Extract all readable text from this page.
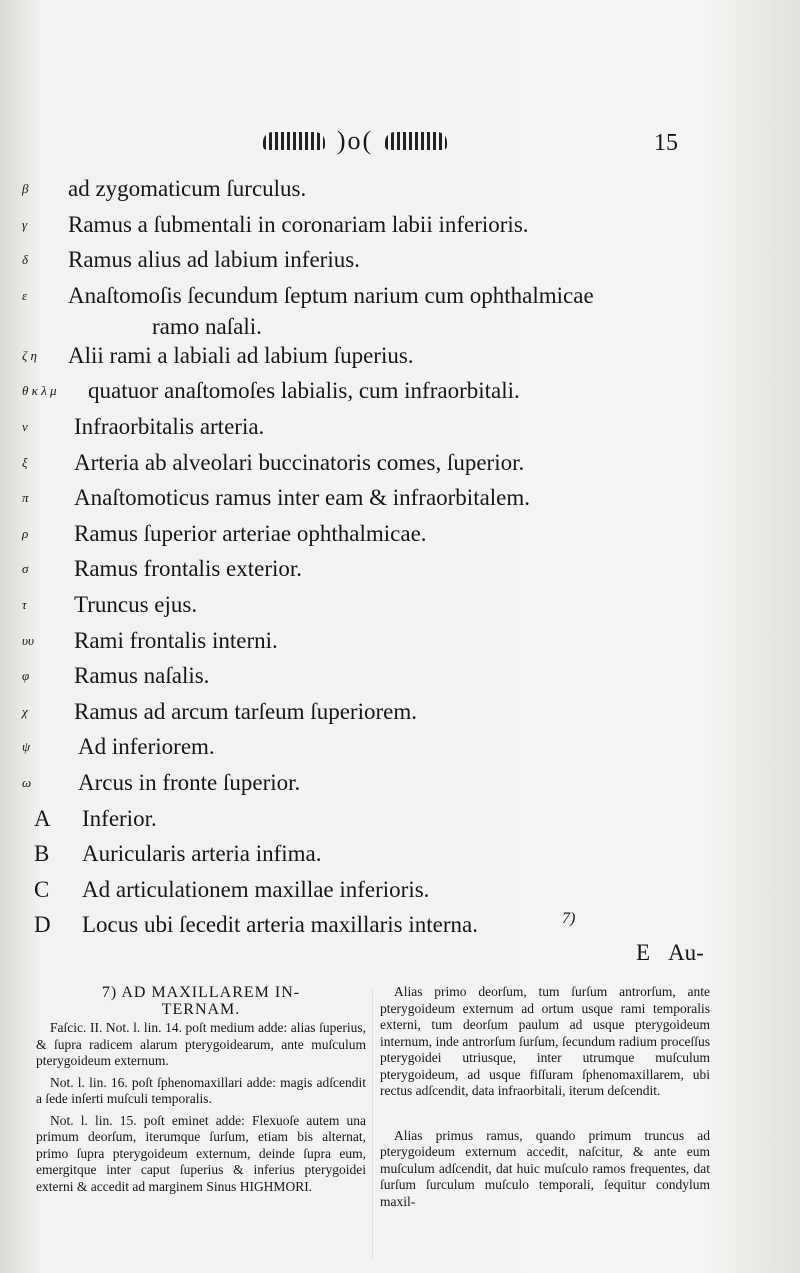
)o(	15
β	ad zygomaticum ſurculus.
γ	Ramus a ſubmentali in coronariam labii inferioris.
δ	Ramus alius ad labium inferius.
ε	Anaſtomoſis ſecundum ſeptum narium cum ophthalmicae
ramo naſali.
ζ η	Alii rami a labiali ad labium ſuperius.
θ κ λ μ	quatuor anaſtomoſes labialis, cum infraorbitali.
ν	Infraorbitalis arteria.
ξ	Arteria ab alveolari buccinatoris comes, ſuperior.
π	Anaſtomoticus ramus inter eam & infraorbitalem.
ρ	Ramus ſuperior arteriae ophthalmicae.
σ	Ramus frontalis exterior.
τ	Truncus ejus.
υυ	Rami frontalis interni.
φ	Ramus naſalis.
χ	Ramus ad arcum tarſeum ſuperiorem.
ψ	Ad inferiorem.
ω	Arcus in fronte ſuperior.
A	Inferior.
B	Auricularis arteria infima.
C	Ad articulationem maxillae inferioris.
D	Locus ubi ſecedit arteria maxillaris interna.	7)
E Au-
7) AD MAXILLAREM IN-
TERNAM.

Faſcic. II. Not. l. lin. 14. poſt medium adde: alias ſuperius, & ſupra radicem alarum pterygoidearum, ante muſculum pterygoideum externum.

Not. l. lin. 16. poſt ſphenomaxillari adde: magis adſcendit a ſede inſerti muſculi temporalis.

Not. l. lin. 15. poſt eminet adde: Flexuoſe autem una primum deorſum, iterumque ſurſum, etiam bis alternat, primo ſupra pterygoideum externum, deinde ſupra eum, emergitque inter caput ſuperius & inferius pterygoidei externi & accedit ad marginem Sinus HIGHMORI.

Alias primo deorſum, tum ſurſum antrorſum, ante pterygoideum externum ad ortum usque rami temporalis externi, tum deorſum paulum ad usque pterygoideum internum, inde antrorſum ſurſum, ſecundum radium proceſſus pterygoidei utriusque, inter utrumque muſculum pterygoideum, ad usque fiſſuram ſphenomaxillarem, ubi rectus adſcendit, data infraorbitali, iterum deſcendit.

Alias primus ramus, quando primum truncus ad pterygoideum externum accedit, naſcitur, & ante eum muſculum adſcendit, dat huic muſculo ramos frequentes, dat ſurſum ſurculum muſculo temporali, ſequitur condylum maxil-
